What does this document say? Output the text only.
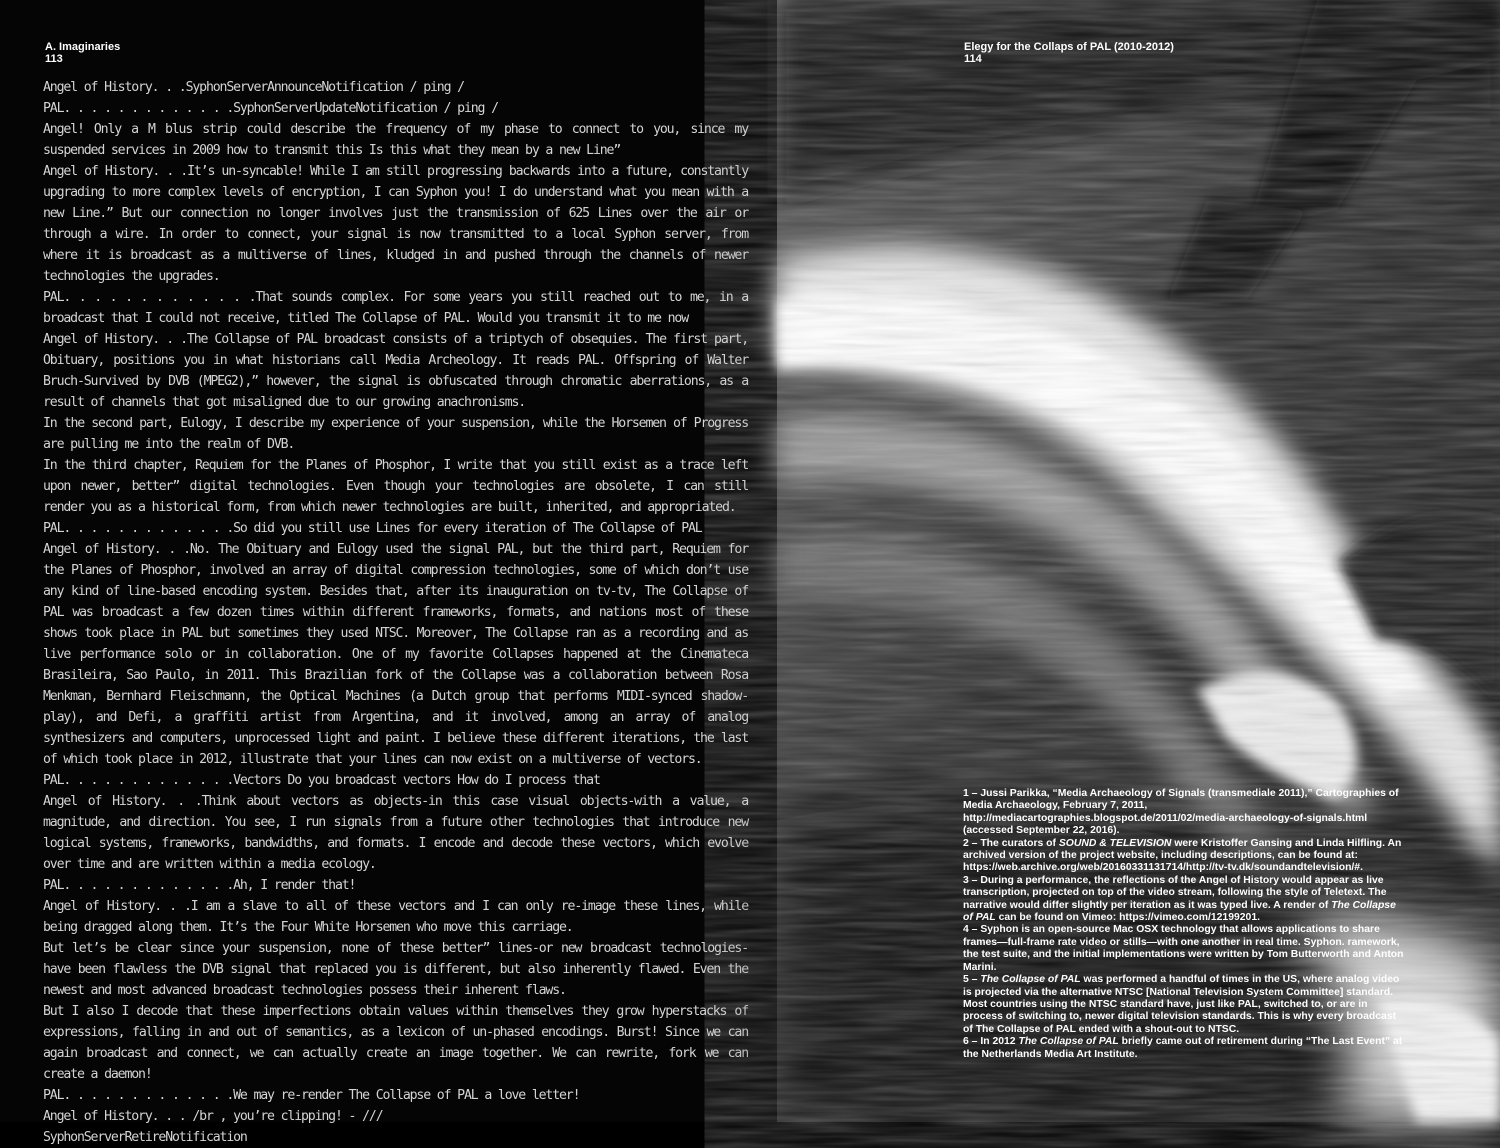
A. Imaginaries
113

Angel of History. . .SyphonServerAnnounceNotification / ping /

PAL. . . . . . . . . . . . .SyphonServerUpdateNotification / ping /

Angel! Only a M blus strip could describe the frequency of my phase to connect to you, since my suspended services in 2009 how to transmit this Is this what they mean by a new Line”

Angel of History. . .It’s un-syncable! While I am still progressing backwards into a future, constantly upgrading to more complex levels of encryption, I can Syphon you! I do understand what you mean with a new Line.” But our connection no longer involves just the transmission of 625 Lines over the air or through a wire. In order to connect, your signal is now transmitted to a local Syphon server, from where it is broadcast as a multiverse of lines, kludged in and pushed through the channels of newer technologies the upgrades.

PAL. . . . . . . . . . . . .That sounds complex. For some years you still reached out to me, in a broadcast that I could not receive, titled The Collapse of PAL. Would you transmit it to me now

Angel of History. . .The Collapse of PAL broadcast consists of a triptych of obsequies. The first part, Obituary, positions you in what historians call Media Archeology. It reads PAL. Offspring of Walter Bruch-Survived by DVB (MPEG2),” however, the signal is obfuscated through chromatic aberrations, as a result of channels that got misaligned due to our growing anachronisms.

In the second part, Eulogy, I describe my experience of your suspension, while the Horsemen of Progress are pulling me into the realm of DVB.

In the third chapter, Requiem for the Planes of Phosphor, I write that you still exist as a trace left upon newer, better” digital technologies. Even though your technologies are obsolete, I can still render you as a historical form, from which newer technologies are built, inherited, and appropriated.

PAL. . . . . . . . . . . . .So did you still use Lines for every iteration of The Collapse of PAL

Angel of History. . .No. The Obituary and Eulogy used the signal PAL, but the third part, Requiem for the Planes of Phosphor, involved an array of digital compression technologies, some of which don’t use any kind of line-based encoding system. Besides that, after its inauguration on tv-tv, The Collapse of PAL was broadcast a few dozen times within different frameworks, formats, and nations most of these shows took place in PAL but sometimes they used NTSC. Moreover, The Collapse ran as a recording and as live performance solo or in collaboration. One of my favorite Collapses happened at the Cinemateca Brasileira, Sao Paulo, in 2011. This Brazilian fork of the Collapse was a collaboration between Rosa Menkman, Bernhard Fleischmann, the Optical Machines (a Dutch group that performs MIDI-synced shadow-play), and Defi, a graffiti artist from Argentina, and it involved, among an array of analog synthesizers and computers, unprocessed light and paint. I believe these different iterations, the last of which took place in 2012, illustrate that your lines can now exist on a multiverse of vectors.

PAL. . . . . . . . . . . . .Vectors Do you broadcast vectors How do I process that

Angel of History. . .Think about vectors as objects-in this case visual objects-with a value, a magnitude, and direction. You see, I run signals from a future other technologies that introduce new logical systems, frameworks, bandwidths, and formats. I encode and decode these vectors, which evolve over time and are written within a media ecology.

PAL. . . . . . . . . . . . .Ah, I render that!

Angel of History. . .I am a slave to all of these vectors and I can only re-image these lines, while being dragged along them. It’s the Four White Horsemen who move this carriage.

But let’s be clear since your suspension, none of these better” lines-or new broadcast technologies-have been flawless the DVB signal that replaced you is different, but also inherently flawed. Even the newest and most advanced broadcast technologies possess their inherent flaws.

But I also I decode that these imperfections obtain values within themselves they grow hyperstacks of expressions, falling in and out of semantics, as a lexicon of un-phased encodings. Burst! Since we can again broadcast and connect, we can actually create an image together. We can rewrite, fork we can create a daemon!

PAL. . . . . . . . . . . . .We may re-render The Collapse of PAL a love letter!

Angel of History. . . /br , you’re clipping! - ///

SyphonServerRetireNotification

Elegy for the Collaps of PAL (2010-2012)
114

1 – Jussi Parikka, “Media Archaeology of Signals (transmediale 2011),” Cartographies of Media Archaeology, February 7, 2011, http://mediacartographies.blogspot.de/2011/02/media-archaeology-of-signals.html (accessed September 22, 2016).

2 – The curators of SOUND & TELEVISION were Kristoffer Gansing and Linda Hilfling. An archived version of the project website, including descriptions, can be found at: https://web.archive.org/web/20160331131714/http://tv-tv.dk/soundandtelevision/#.

3 – During a performance, the reflections of the Angel of History would appear as live transcription, projected on top of the video stream, following the style of Teletext. The narrative would differ slightly per iteration as it was typed live. A render of The Collapse of PAL can be found on Vimeo: https://vimeo.com/12199201.

4 – Syphon is an open-source Mac OSX technology that allows applications to share frames—full-frame rate video or stills—with one another in real time. Syphon. ramework, the test suite, and the initial implementations were written by Tom Butterworth and Anton Marini.

5 – The Collapse of PAL was performed a handful of times in the US, where analog video is projected via the alternative NTSC [National Television System Committee] standard. Most countries using the NTSC standard have, just like PAL, switched to, or are in process of switching to, newer digital television standards. This is why every broadcast of The Collapse of PAL ended with a shout-out to NTSC.

6 – In 2012 The Collapse of PAL briefly came out of retirement during “The Last Event” at the Netherlands Media Art Institute.
